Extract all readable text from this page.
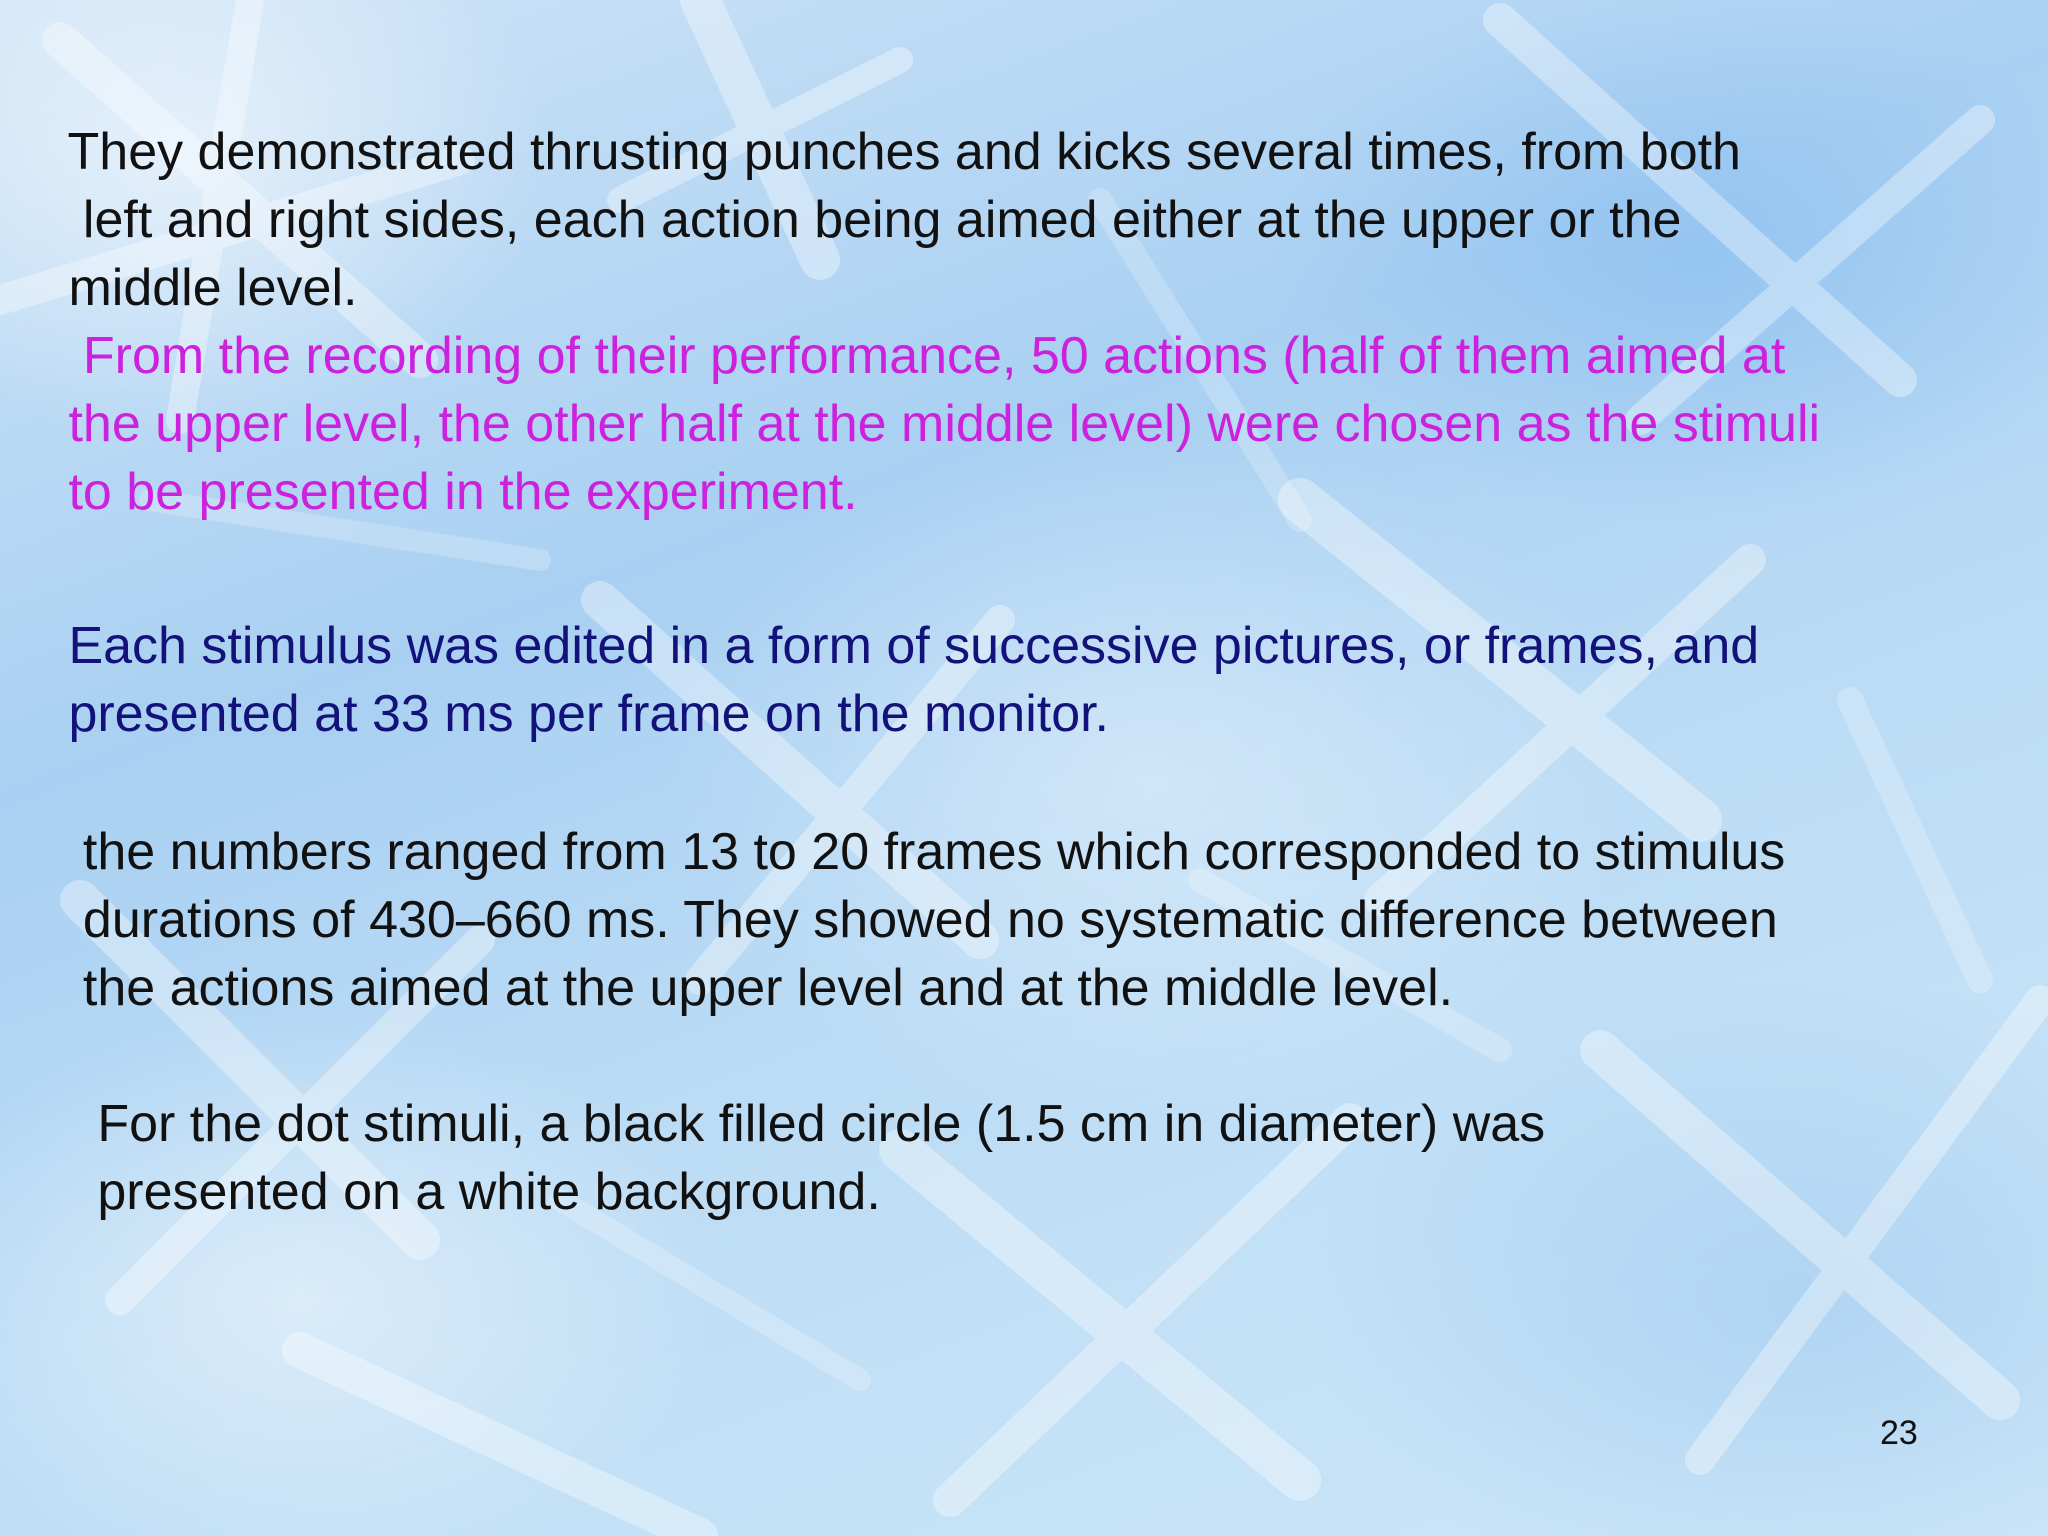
They demonstrated thrusting punches and kicks several times, from both
left and right sides, each action being aimed either at the upper or the
middle level.

From the recording of their performance, 50 actions (half of them aimed at
the upper level, the other half at the middle level) were chosen as the stimuli
to be presented in the experiment.

Each stimulus was edited in a form of successive pictures, or frames, and
presented at 33 ms per frame on the monitor.

the numbers ranged from 13 to 20 frames which corresponded to stimulus
durations of 430–660 ms. They showed no systematic difference between
the actions aimed at the upper level and at the middle level.

For the dot stimuli, a black filled circle (1.5 cm in diameter) was
presented on a white background.

23
